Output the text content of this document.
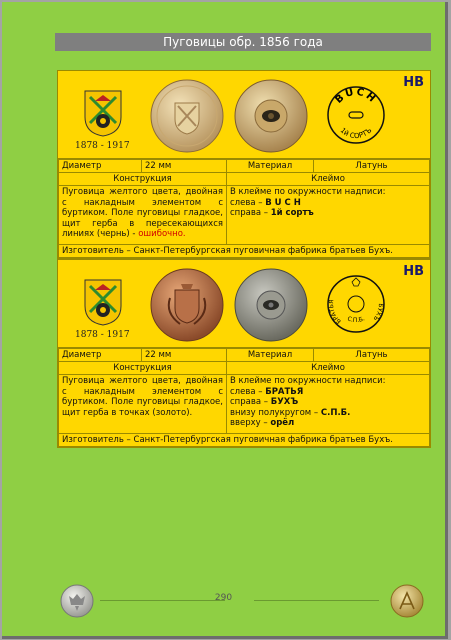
Пуговицы обр. 1856 года
1878 - 1917
BUCH
1й СОРТЪ
НВ
Диаметр	22 мм	Материал	Латунь
Конструкция		Клеймо	
Пуговица желтого цвета, двойная с накладным элементом с буртиком. Поле пуговицы гладкое, щит герба в пересекающихся линиях (чернь) - ошибочно.		В клейме по окружности надписи:
слева – B U C H
справа – 1й сортъ	

Изготовитель – Санкт-Петербургская пуговичная фабрика братьев Бухъ.			
1878 - 1917
БРАТЬЯ
БУХЪ
С.П.Б.
НВ
Диаметр	22 мм	Материал	Латунь
Конструкция		Клеймо	
Пуговица желтого цвета, двойная с накладным элементом с буртиком. Поле пуговицы гладкое, щит герба в точках (золото).		В клейме по окружности надписи:
слева – БРАТЬЯ
справа – БУХЪ
внизу полукругом – С.П.Б.
вверху – орёл	

Изготовитель – Санкт-Петербургская пуговичная фабрика братьев Бухъ.			
290
